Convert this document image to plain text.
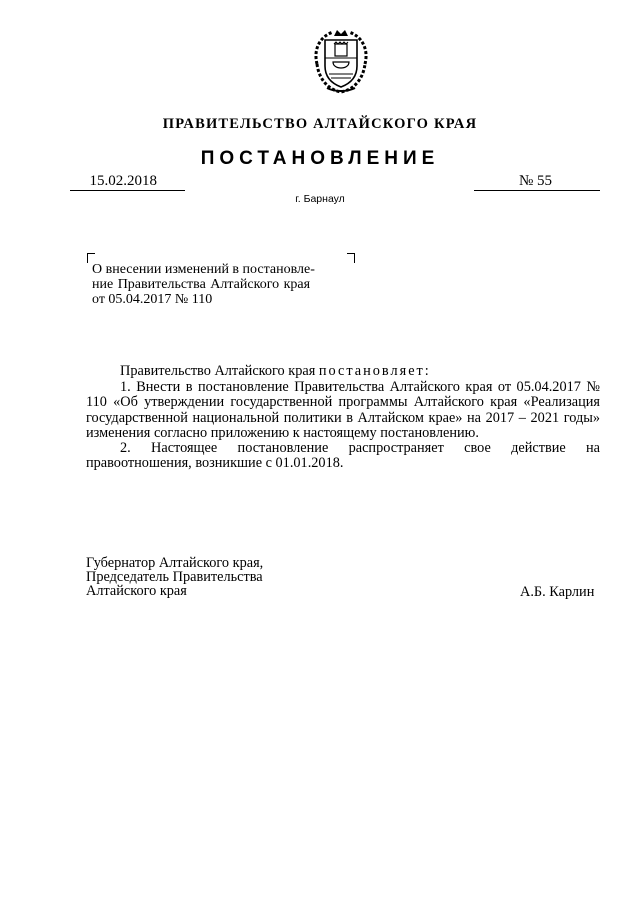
ПРАВИТЕЛЬСТВО АЛТАЙСКОГО КРАЯ
ПОСТАНОВЛЕНИЕ
15.02.2018	№ 55
г. Барнаул
О внесении изменений в постановле-
ние Правительства Алтайского края
от 05.04.2017 № 110
Правительство Алтайского края постановляет:
1. Внести в постановление Правительства Алтайского края от 05.04.2017 № 110 «Об утверждении государственной программы Алтайского края «Реализация государственной национальной политики в Алтайском крае» на 2017 – 2021 годы» изменения согласно приложению к настоящему постановлению.
2. Настоящее постановление распространяет свое действие на правоотношения, возникшие с 01.01.2018.
Губернатор Алтайского края,
Председатель Правительства
Алтайского края	А.Б. Карлин
